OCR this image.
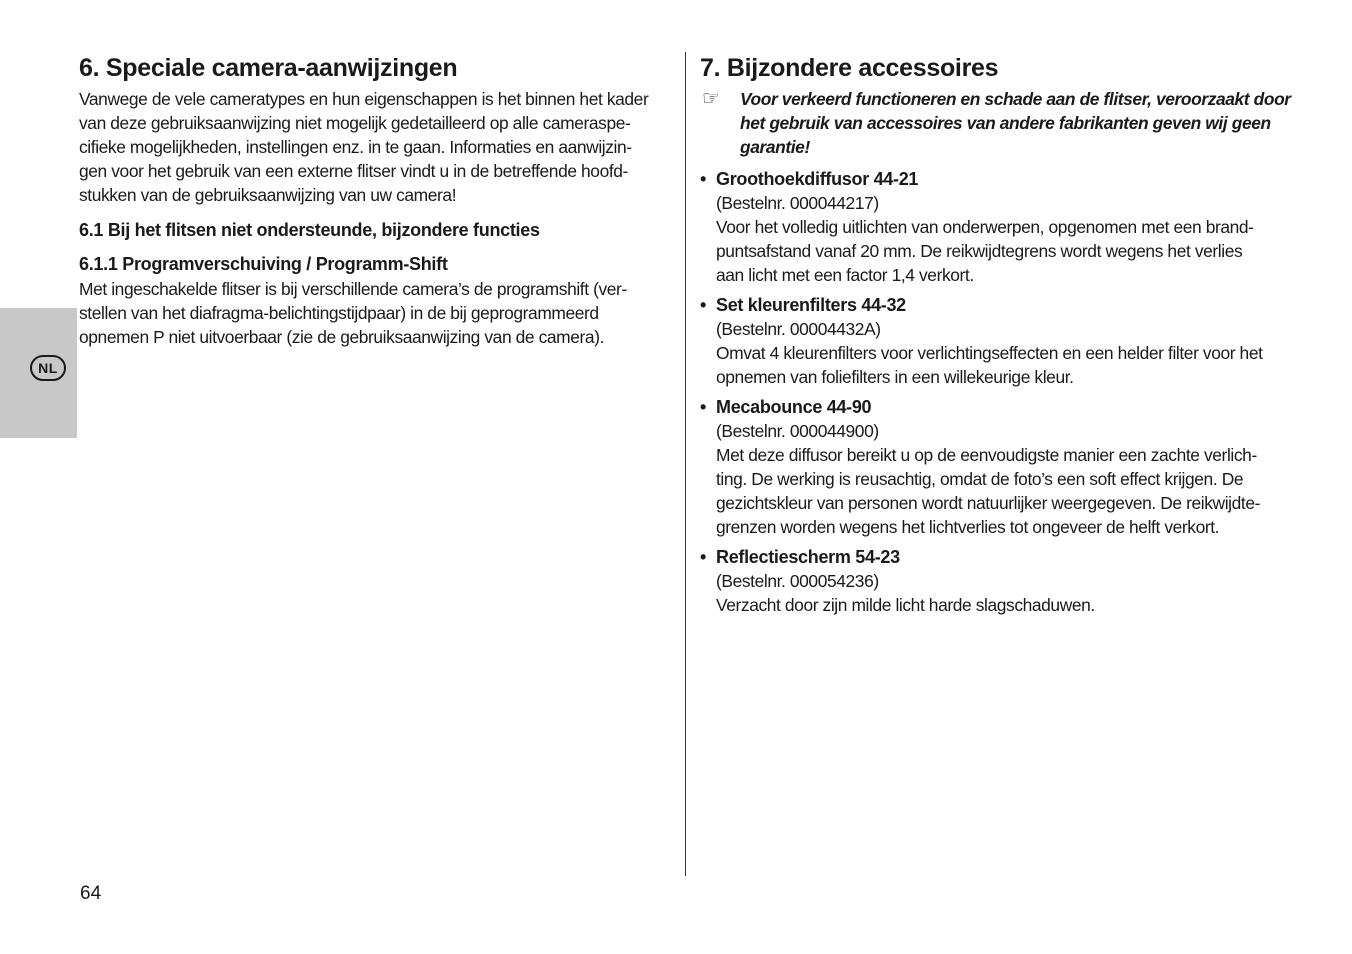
NL
6. Speciale camera-aanwijzingen
Vanwege de vele cameratypes en hun eigenschappen is het binnen het kader
van deze gebruiksaanwijzing niet mogelijk gedetailleerd op alle cameraspe-
cifieke mogelijkheden, instellingen enz. in te gaan. Informaties en aanwijzin-
gen voor het gebruik van een externe flitser vindt u in de betreffende hoofd-
stukken van de gebruiksaanwijzing van uw camera!
6.1 Bij het flitsen niet ondersteunde, bijzondere functies
6.1.1 Programverschuiving / Programm-Shift
Met ingeschakelde flitser is bij verschillende camera’s de programshift (ver-
stellen van het diafragma-belichtingstijdpaar) in de bij geprogrammeerd
opnemen P niet uitvoerbaar (zie de gebruiksaanwijzing van de camera).
7. Bijzondere accessoires
☞ Voor verkeerd functioneren en schade aan de flitser, veroorzaakt door
het gebruik van accessoires van andere fabrikanten geven wij geen
garantie!
• Groothoekdiffusor 44-21
(Bestelnr. 000044217)
Voor het volledig uitlichten van onderwerpen, opgenomen met een brand-
puntsafstand vanaf 20 mm. De reikwijdtegrens wordt wegens het verlies
aan licht met een factor 1,4 verkort.
• Set kleurenfilters 44-32
(Bestelnr. 00004432A)
Omvat 4 kleurenfilters voor verlichtingseffecten en een helder filter voor het
opnemen van foliefilters in een willekeurige kleur.
• Mecabounce 44-90
(Bestelnr. 000044900)
Met deze diffusor bereikt u op de eenvoudigste manier een zachte verlich-
ting. De werking is reusachtig, omdat de foto’s een soft effect krijgen. De
gezichtskleur van personen wordt natuurlijker weergegeven. De reikwijdte-
grenzen worden wegens het lichtverlies tot ongeveer de helft verkort.
• Reflectiescherm 54-23
(Bestelnr. 000054236)
Verzacht door zijn milde licht harde slagschaduwen.
64
